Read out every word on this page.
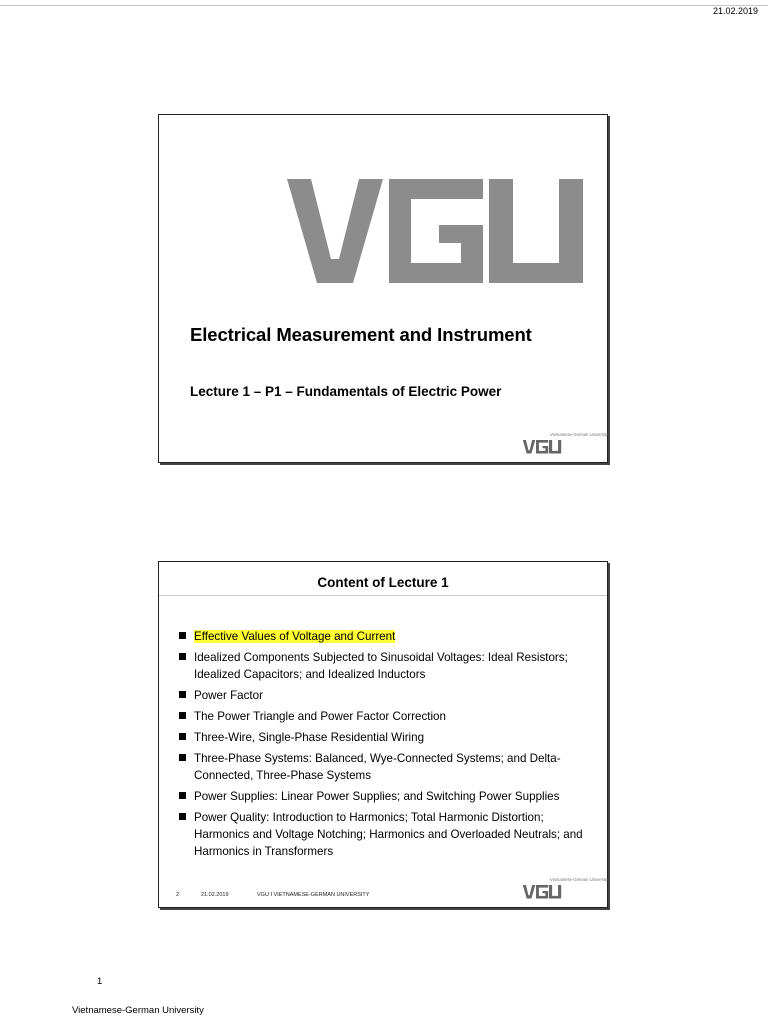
21.02.2019
Electrical Measurement and Instrument
Lecture 1 – P1 – Fundamentals of Electric Power
Vietnamese-German University
Content of Lecture 1
Effective Values of Voltage and Current
Idealized Components Subjected to Sinusoidal Voltages: Ideal Resistors; Idealized Capacitors; and Idealized Inductors
Power Factor
The Power Triangle and Power Factor Correction
Three-Wire, Single-Phase Residential Wiring
Three-Phase Systems: Balanced, Wye-Connected Systems; and Delta-Connected, Three-Phase Systems
Power Supplies: Linear Power Supplies; and Switching Power Supplies
Power Quality: Introduction to Harmonics; Total Harmonic Distortion; Harmonics and Voltage Notching; Harmonics and Overloaded Neutrals; and Harmonics in Transformers
2	21.02.2019	VGU I VIETNAMESE-GERMAN UNIVERSITY
Vietnamese-German University
1
Vietnamese-German University
